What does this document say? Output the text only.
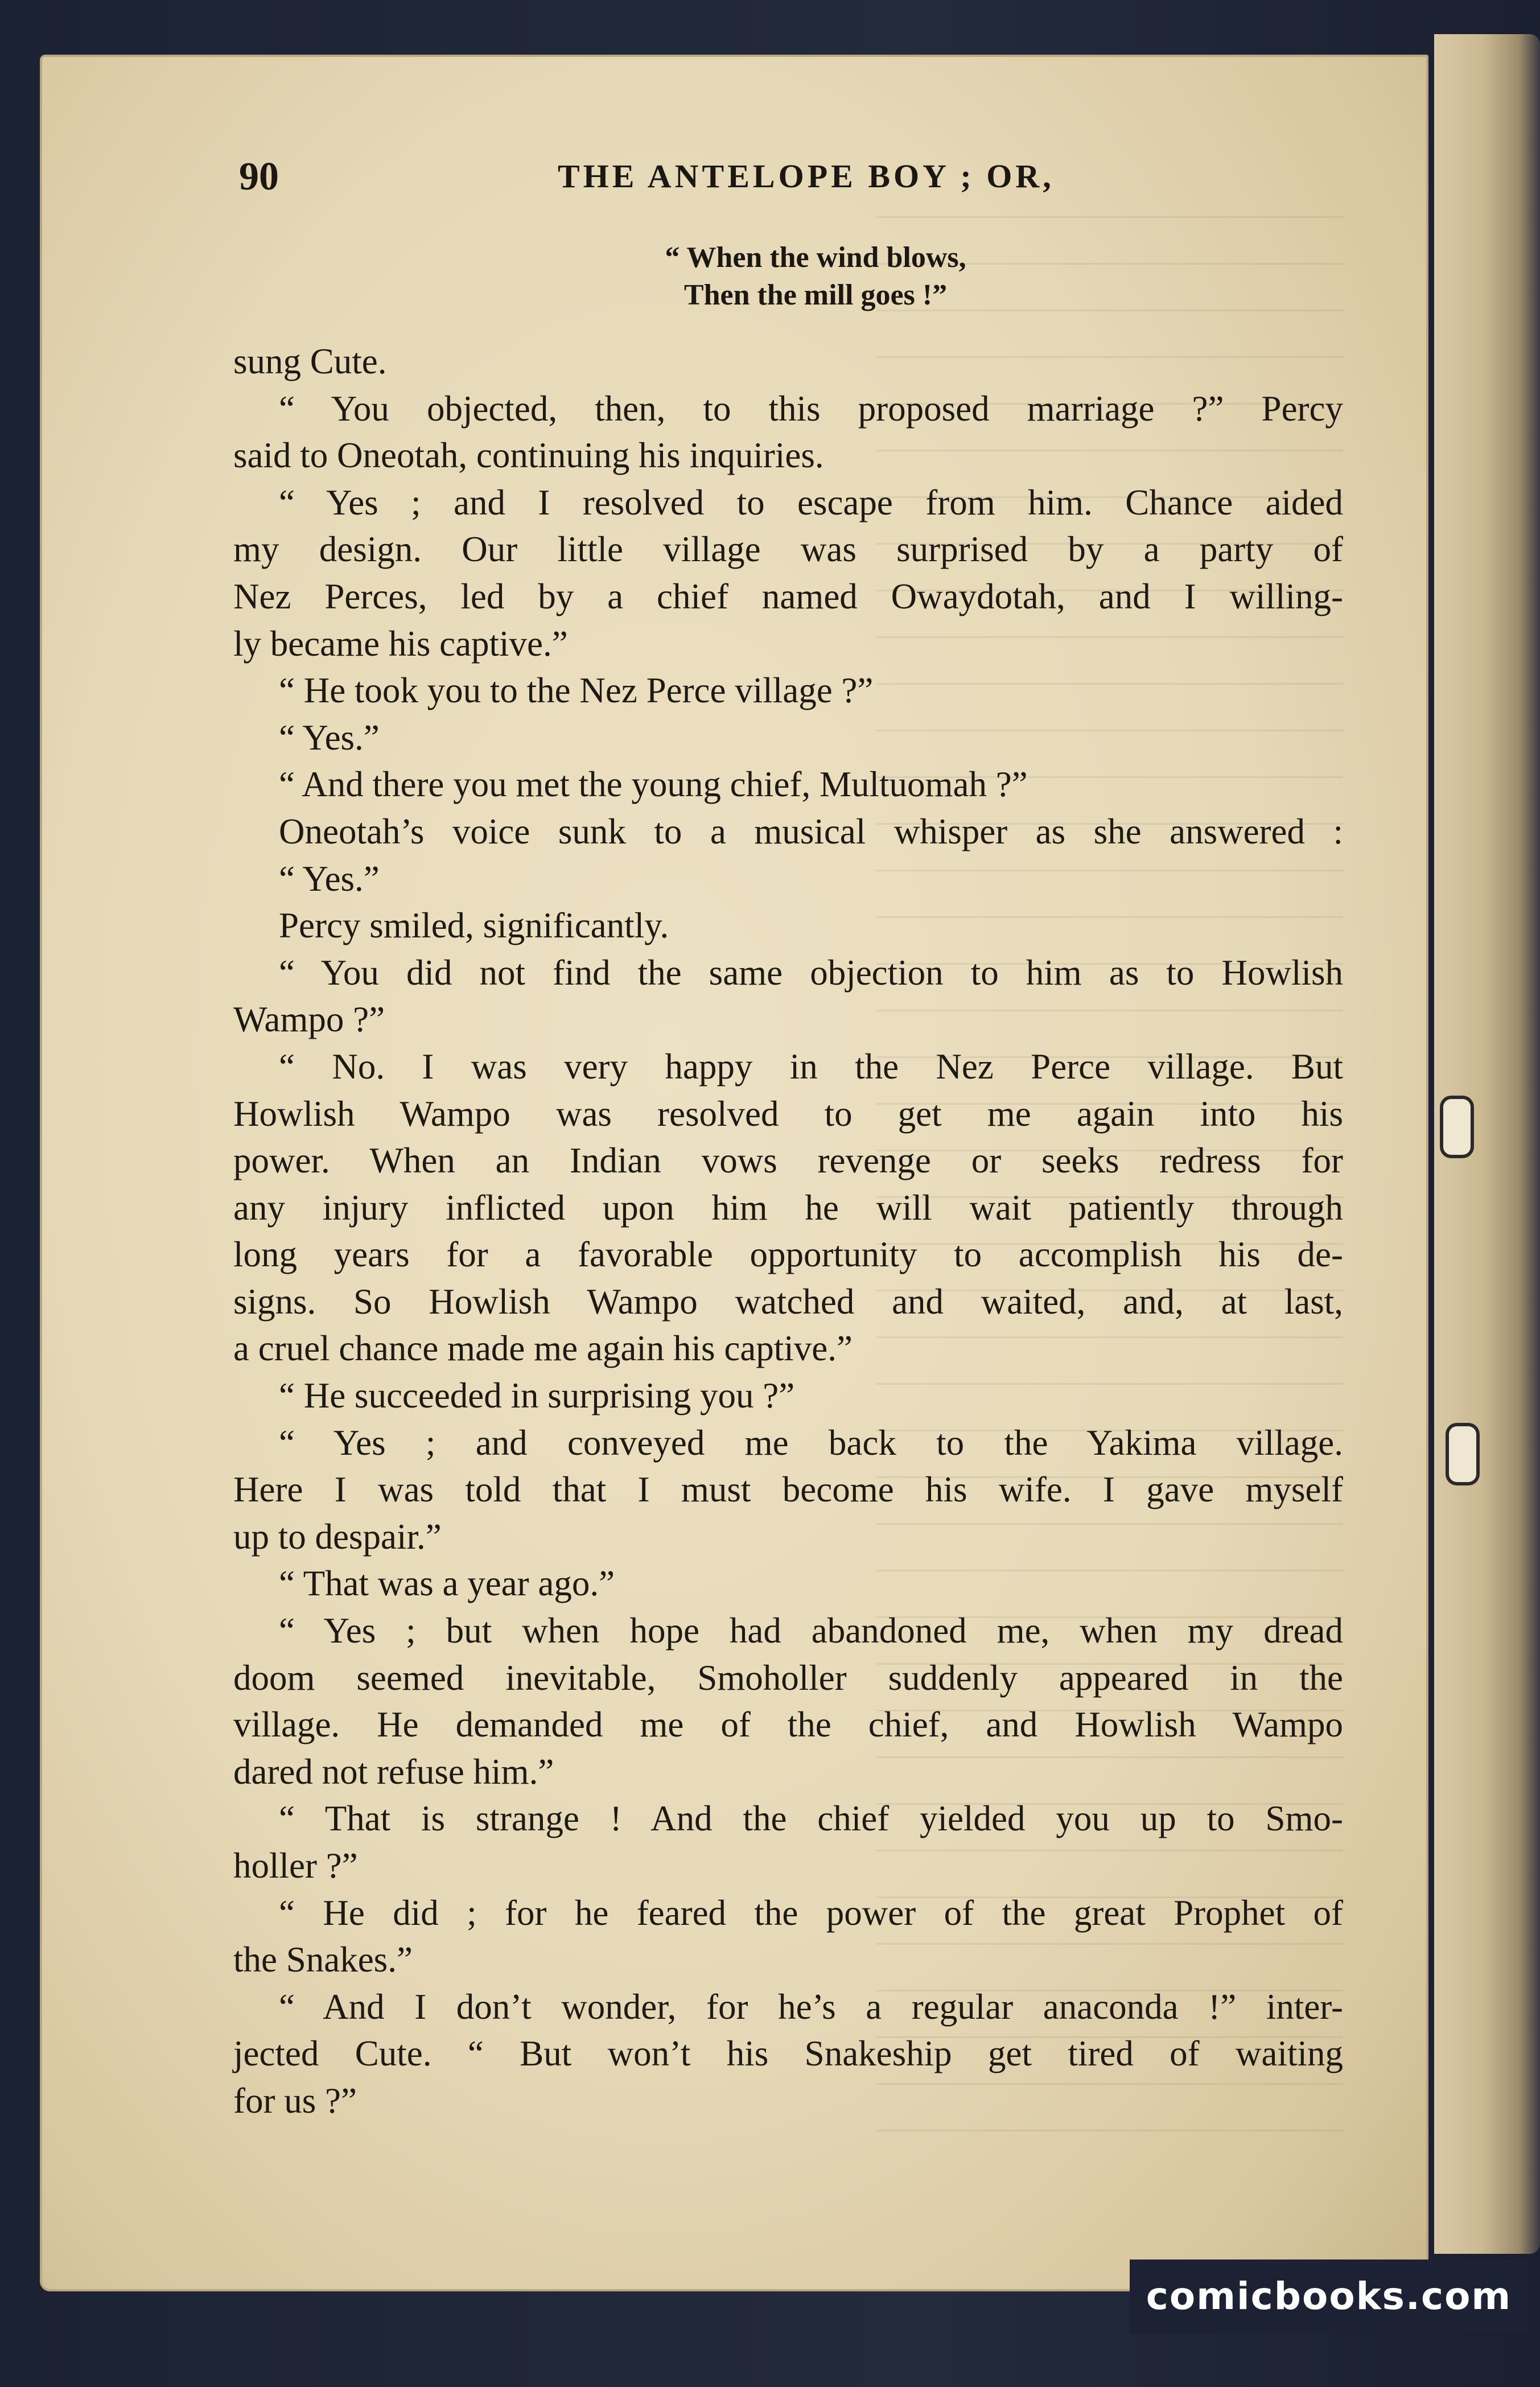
90	THE ANTELOPE BOY ; OR,
“ When the wind blows,
Then the mill goes !”
sung Cute.
“ You objected, then, to this proposed marriage ?” Percy
said to Oneotah, continuing his inquiries.
“ Yes ; and I resolved to escape from him. Chance aided
my design. Our little village was surprised by a party of
Nez Perces, led by a chief named Owaydotah, and I willing-
ly became his captive.”
“ He took you to the Nez Perce village ?”
“ Yes.”
“ And there you met the young chief, Multuomah ?”
Oneotah’s voice sunk to a musical whisper as she answered :
“ Yes.”
Percy smiled, significantly.
“ You did not find the same objection to him as to Howlish
Wampo ?”
“ No. I was very happy in the Nez Perce village. But
Howlish Wampo was resolved to get me again into his
power. When an Indian vows revenge or seeks redress for
any injury inflicted upon him he will wait patiently through
long years for a favorable opportunity to accomplish his de-
signs. So Howlish Wampo watched and waited, and, at last,
a cruel chance made me again his captive.”
“ He succeeded in surprising you ?”
“ Yes ; and conveyed me back to the Yakima village.
Here I was told that I must become his wife. I gave myself
up to despair.”
“ That was a year ago.”
“ Yes ; but when hope had abandoned me, when my dread
doom seemed inevitable, Smoholler suddenly appeared in the
village. He demanded me of the chief, and Howlish Wampo
dared not refuse him.”
“ That is strange ! And the chief yielded you up to Smo-
holler ?”
“ He did ; for he feared the power of the great Prophet of
the Snakes.”
“ And I don’t wonder, for he’s a regular anaconda !” inter-
jected Cute. “ But won’t his Snakeship get tired of waiting
for us ?”
comicbooks.com
